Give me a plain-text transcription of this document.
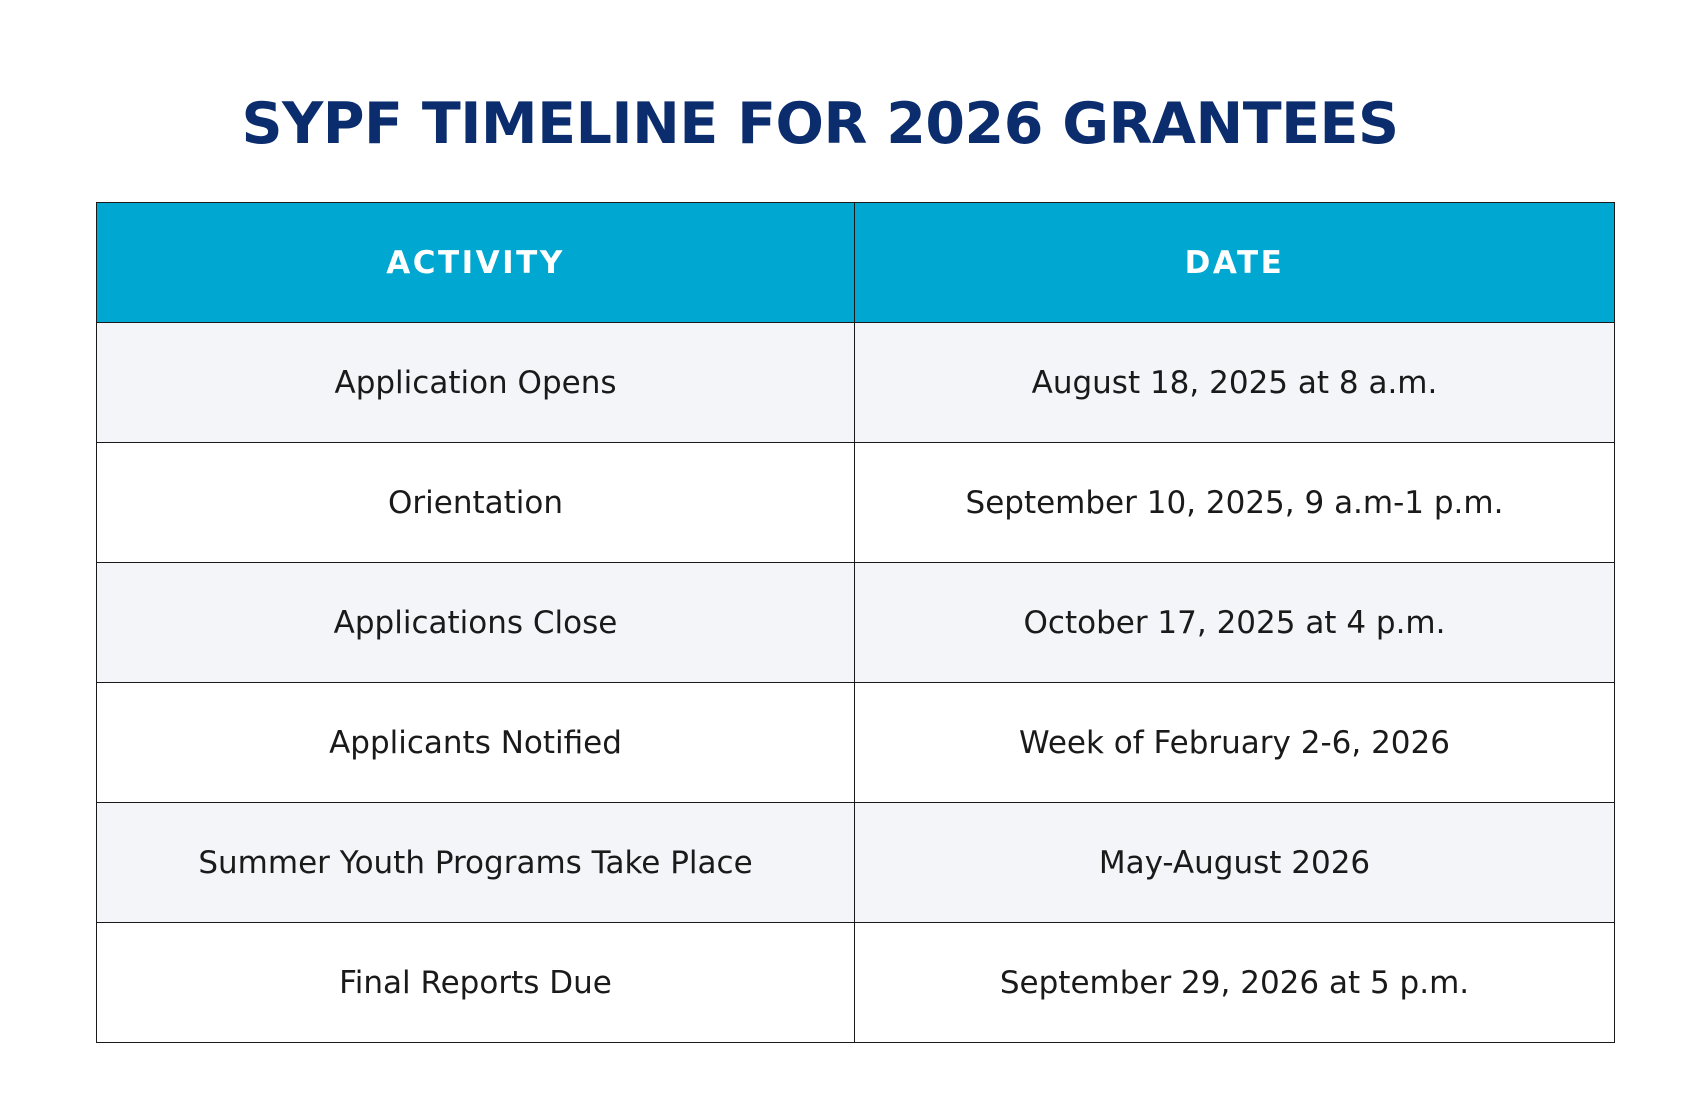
SYPF TIMELINE FOR 2026 GRANTEES
ACTIVITY	DATE
Application Opens	August 18, 2025 at 8 a.m.
Orientation	September 10, 2025, 9 a.m-1 p.m.
Applications Close	October 17, 2025 at 4 p.m.
Applicants Notified	Week of February 2-6, 2026
Summer Youth Programs Take Place	May-August 2026
Final Reports Due	September 29, 2026 at 5 p.m.
